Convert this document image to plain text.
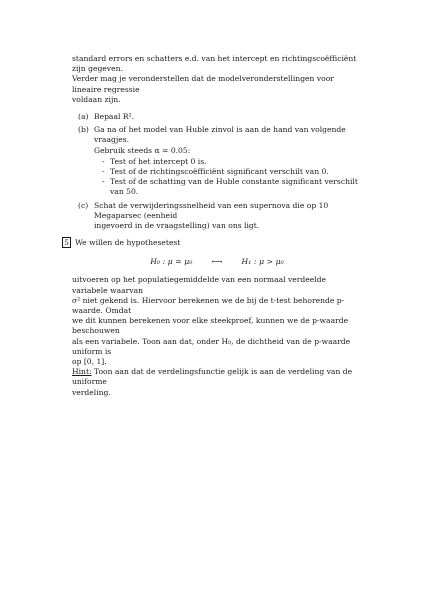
standard errors en schatters e.d. van het intercept en richtingscoëfficiënt zijn gegeven.
Verder mag je veronderstellen dat de modelveronderstellingen voor lineaire regressie
voldaan zijn.

(a) Bepaal R².
(b) Ga na of het model van Huble zinvol is aan de hand van volgende vraagjes.
Gebruik steeds α = 0.05:
- Test of het intercept 0 is.
- Test of de richtingscoëfficiënt significant verschilt van 0.
- Test of de schatting van de Huble constante significant verschilt van 50.
(c) Schat de verwijderingssnelheid van een supernova die op 10 Megaparsec (eenheid
ingevoerd in de vraagstelling) van ons ligt.
5 We willen de hypothesetest
H₀ : μ = μ₀	⟷	H₁ : μ > μ₀

uitvoeren op het populatiegemiddelde van een normaal verdeelde variabele waarvan
σ² niet gekend is. Hiervoor berekenen we de bij de t-test behorende p-waarde. Omdat
we dit kunnen berekenen voor elke steekproef, kunnen we de p-waarde beschouwen
als een variabele. Toon aan dat, onder H₀, de dichtheid van de p-waarde uniform is
op [0, 1].
Hint: Toon aan dat de verdelingsfunctie gelijk is aan de verdeling van de uniforme
verdeling.
